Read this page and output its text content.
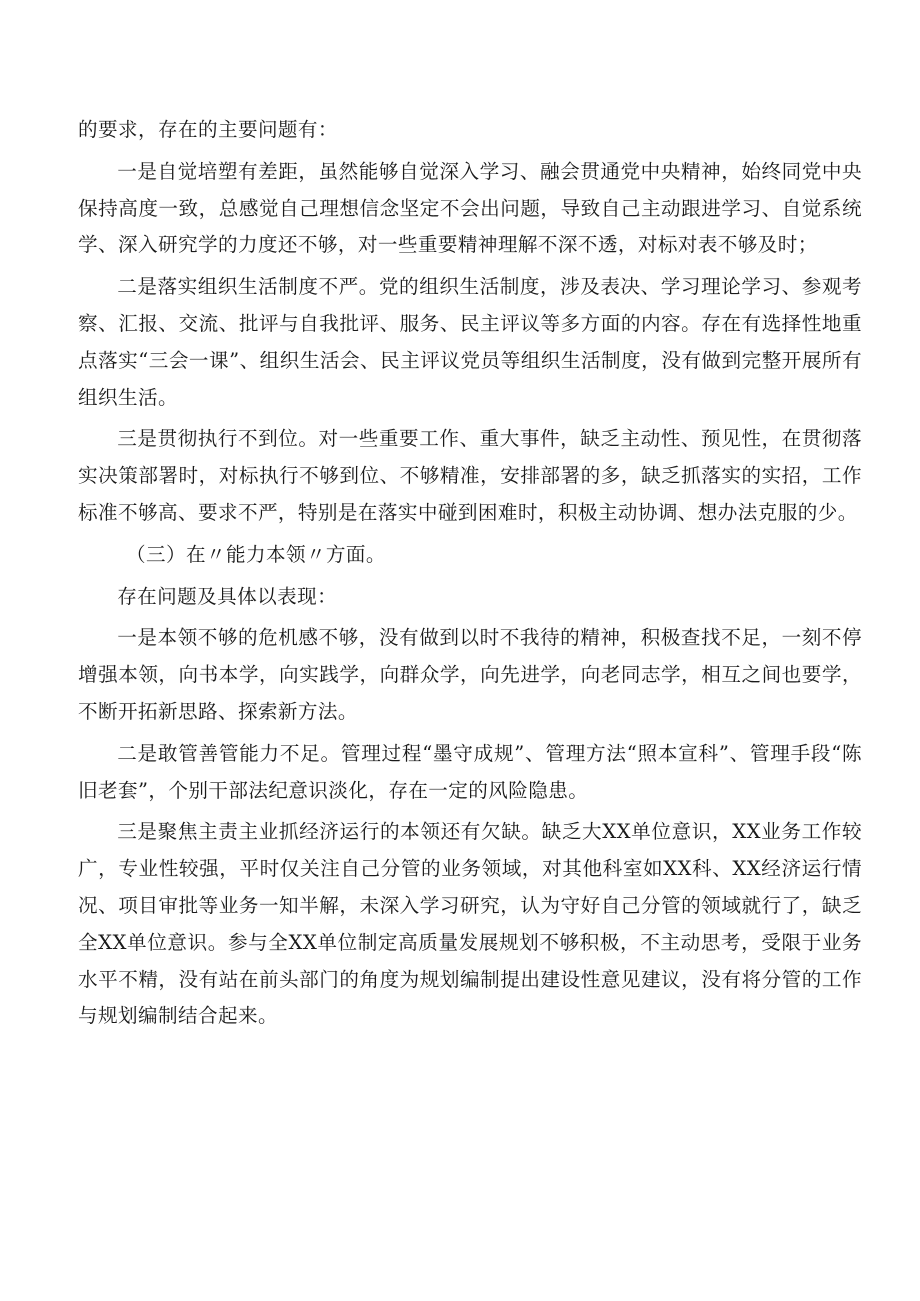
的要求，存在的主要问题有：

一是自觉培塑有差距，虽然能够自觉深入学习、融会贯通党中央精神，始终同党中央保持高度一致，总感觉自己理想信念坚定不会出问题，导致自己主动跟进学习、自觉系统学、深入研究学的力度还不够，对一些重要精神理解不深不透，对标对表不够及时；

二是落实组织生活制度不严。党的组织生活制度，涉及表决、学习理论学习、参观考察、汇报、交流、批评与自我批评、服务、民主评议等多方面的内容。存在有选择性地重点落实“三会一课”、组织生活会、民主评议党员等组织生活制度，没有做到完整开展所有组织生活。

三是贯彻执行不到位。对一些重要工作、重大事件，缺乏主动性、预见性，在贯彻落实决策部署时，对标执行不够到位、不够精准，安排部署的多，缺乏抓落实的实招，工作标准不够高、要求不严，特别是在落实中碰到困难时，积极主动协调、想办法克服的少。

（三）在〃能力本领〃方面。

存在问题及具体以表现：

一是本领不够的危机感不够，没有做到以时不我待的精神，积极查找不足，一刻不停增强本领，向书本学，向实践学，向群众学，向先进学，向老同志学，相互之间也要学，不断开拓新思路、探索新方法。

二是敢管善管能力不足。管理过程“墨守成规”、管理方法“照本宣科”、管理手段“陈旧老套”，个别干部法纪意识淡化，存在一定的风险隐患。

三是聚焦主责主业抓经济运行的本领还有欠缺。缺乏大XX单位意识，XX业务工作较广，专业性较强，平时仅关注自己分管的业务领域，对其他科室如XX科、XX经济运行情况、项目审批等业务一知半解，未深入学习研究，认为守好自己分管的领域就行了，缺乏全XX单位意识。参与全XX单位制定高质量发展规划不够积极，不主动思考，受限于业务水平不精，没有站在前头部门的角度为规划编制提出建设性意见建议，没有将分管的工作与规划编制结合起来。
